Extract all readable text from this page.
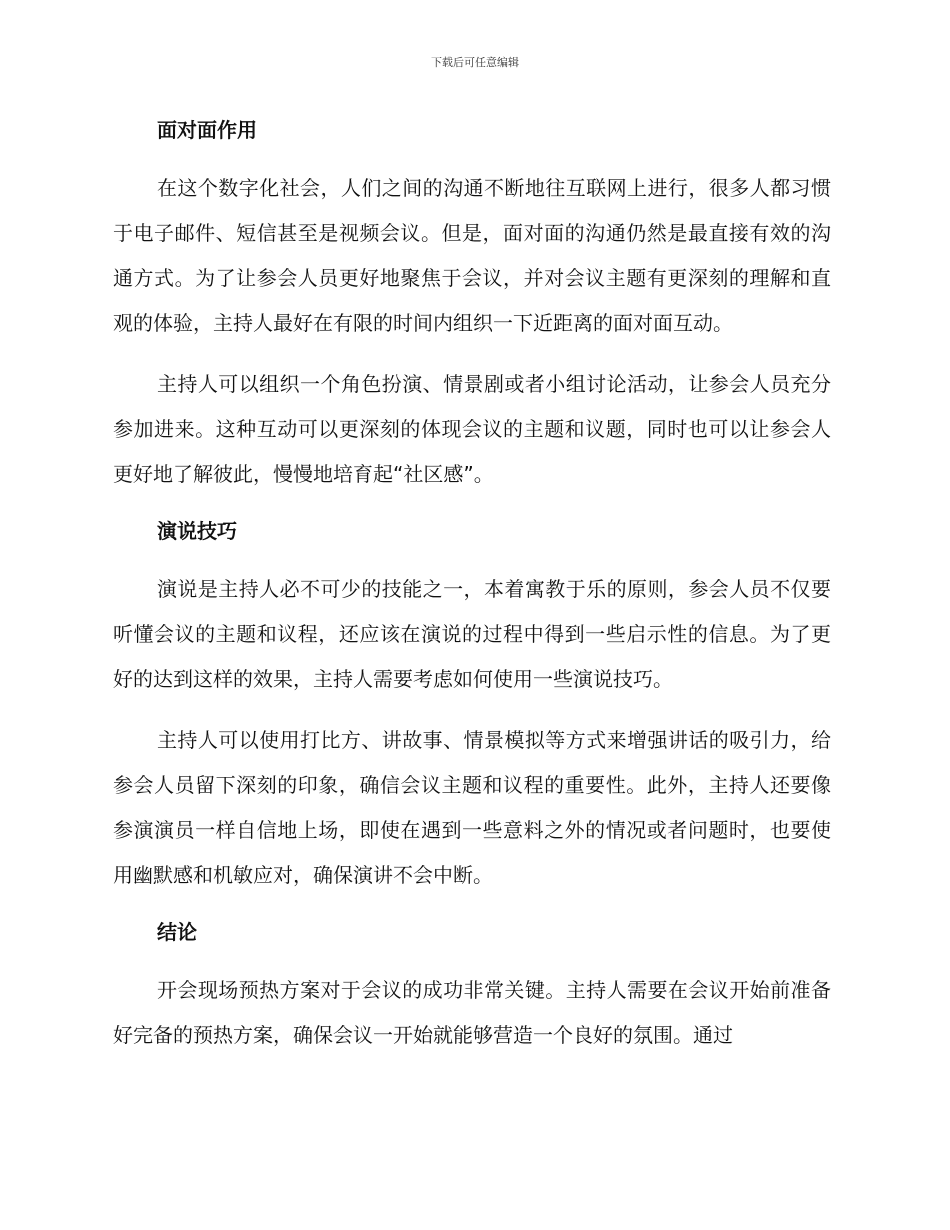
下载后可任意编辑
面对面作用

在这个数字化社会，人们之间的沟通不断地往互联网上进行，很多人都习惯于电子邮件、短信甚至是视频会议。但是，面对面的沟通仍然是最直接有效的沟通方式。为了让参会人员更好地聚焦于会议，并对会议主题有更深刻的理解和直观的体验，主持人最好在有限的时间内组织一下近距离的面对面互动。

主持人可以组织一个角色扮演、情景剧或者小组讨论活动，让参会人员充分参加进来。这种互动可以更深刻的体现会议的主题和议题，同时也可以让参会人更好地了解彼此，慢慢地培育起“社区感”。

演说技巧

演说是主持人必不可少的技能之一，本着寓教于乐的原则，参会人员不仅要听懂会议的主题和议程，还应该在演说的过程中得到一些启示性的信息。为了更好的达到这样的效果，主持人需要考虑如何使用一些演说技巧。

主持人可以使用打比方、讲故事、情景模拟等方式来增强讲话的吸引力，给参会人员留下深刻的印象，确信会议主题和议程的重要性。此外，主持人还要像参演演员一样自信地上场，即使在遇到一些意料之外的情况或者问题时，也要使用幽默感和机敏应对，确保演讲不会中断。

结论

开会现场预热方案对于会议的成功非常关键。主持人需要在会议开始前准备好完备的预热方案，确保会议一开始就能够营造一个良好的氛围。通过
